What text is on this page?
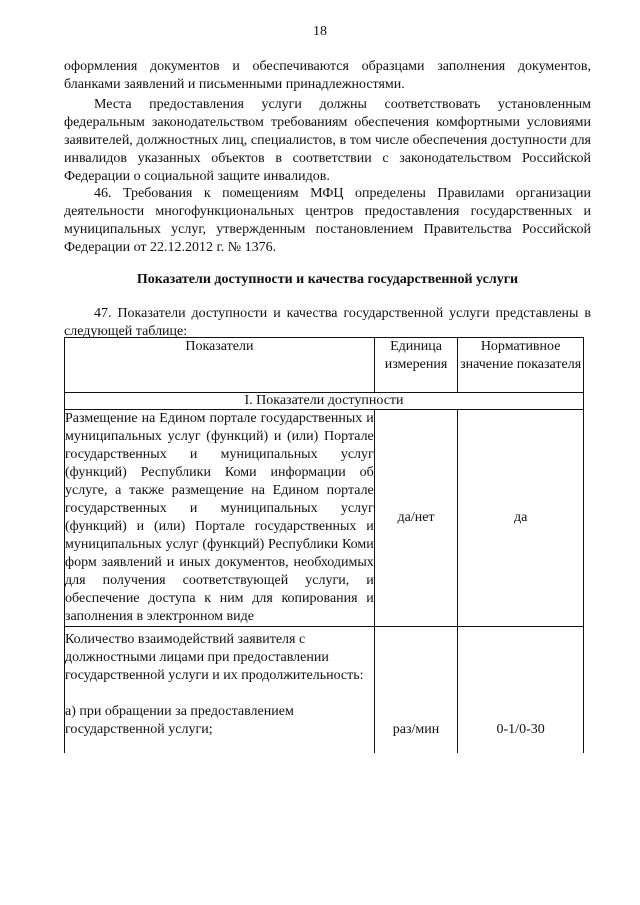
18

оформления документов и обеспечиваются образцами заполнения документов, бланками заявлений и письменными принадлежностями.

Места предоставления услуги должны соответствовать установленным федеральным законодательством требованиям обеспечения комфортными условиями заявителей, должностных лиц, специалистов, в том числе обеспечения доступности для инвалидов указанных объектов в соответствии с законодательством Российской Федерации о социальной защите инвалидов.

46. Требования к помещениям МФЦ определены Правилами организации деятельности многофункциональных центров предоставления государственных и муниципальных услуг, утвержденным постановлением Правительства Российской Федерации от 22.12.2012 г. № 1376.

Показатели доступности и качества государственной услуги

47. Показатели доступности и качества государственной услуги представлены в следующей таблице:

Показатели	Единица измерения	Нормативное значение показателя
I. Показатели доступности		
Размещение на Едином портале государственных и муниципальных услуг (функций) и (или) Портале государственных и муниципальных услуг (функций) Республики Коми информации об услуге, а также размещение на Едином портале государственных и муниципальных услуг (функций) и (или) Портале государственных и муниципальных услуг (функций) Республики Коми форм заявлений и иных документов, необходимых для получения соответствующей услуги, и обеспечение доступа к ним для копирования и заполнения в электронном виде	да/нет	да

Количество взаимодействий заявителя с должностными лицами при предоставлении государственной услуги и их продолжительность:
а) при обращении за предоставлением государственной услуги;	раз/мин	0-1/0-30
